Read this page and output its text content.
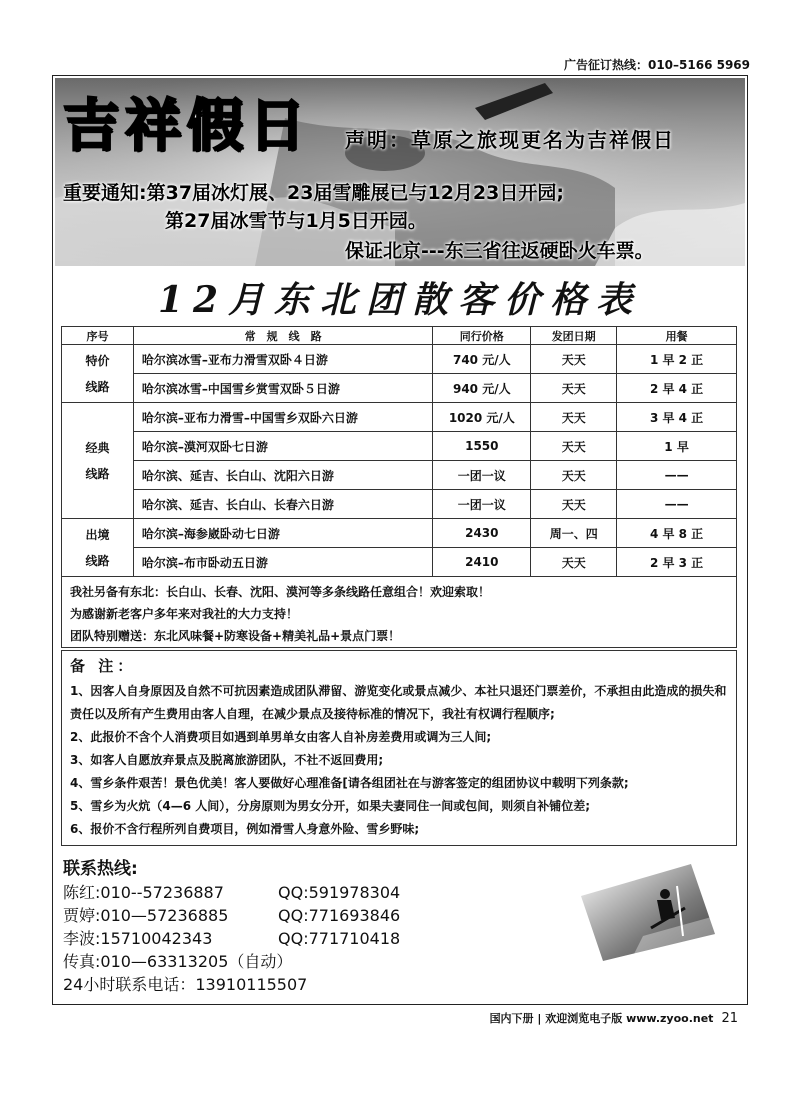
广告征订热线：010–5166 5969
吉祥假日 声明：草原之旅现更名为吉祥假日
重要通知:第37届冰灯展、23届雪雕展已与12月23日开园;
第27届冰雪节与1月5日开园。
保证北京---东三省往返硬卧火车票。
12月东北团散客价格表
序号	常　规　线　路	同行价格	发团日期	用餐
特价线路	哈尔滨冰雪–亚布力滑雪双卧４日游	740 元/人	天天	1 早 2 正
	哈尔滨冰雪–中国雪乡赏雪双卧５日游	940 元/人	天天	2 早 4 正
经典线路	哈尔滨–亚布力滑雪–中国雪乡双卧六日游	1020 元/人	天天	3 早 4 正
	哈尔滨–漠河双卧七日游	1550	天天	1 早
	哈尔滨、延吉、长白山、沈阳六日游	一团一议	天天	——
	哈尔滨、延吉、长白山、长春六日游	一团一议	天天	——
出境线路	哈尔滨–海参崴卧动七日游	2430	周一、四	4 早 8 正
	哈尔滨–布市卧动五日游	2410	天天	2 早 3 正
我社另备有东北：长白山、长春、沈阳、漠河等多条线路任意组合！欢迎索取！
为感谢新老客户多年来对我社的大力支持！
团队特别赠送：东北风味餐+防寒设备+精美礼品+景点门票！
备 注：

1、因客人自身原因及自然不可抗因素造成团队滞留、游览变化或景点减少、本社只退还门票差价，不承担由此造成的损失和责任以及所有产生费用由客人自理，在减少景点及接待标准的情况下，我社有权调行程顺序;

2、此报价不含个人消费项目如遇到单男单女由客人自补房差费用或调为三人间;

3、如客人自愿放弃景点及脱离旅游团队，不社不返回费用;

4、雪乡条件艰苦！景色优美！客人要做好心理准备[请各组团社在与游客签定的组团协议中载明下列条款;

5、雪乡为火炕（4—6 人间），分房原则为男女分开，如果夫妻同住一间或包间，则须自补铺位差;

6、报价不含行程所列自费项目，例如滑雪人身意外险、雪乡野味;

联系热线:
陈红:010--57236887	QQ:591978304
贾婷:010—57236885	QQ:771693846
李波:15710042343	QQ:771710418
传真:010—63313205（自动）
24小时联系电话：13910115507
国内下册 | 欢迎浏览电子版 www.zyoo.net 21
